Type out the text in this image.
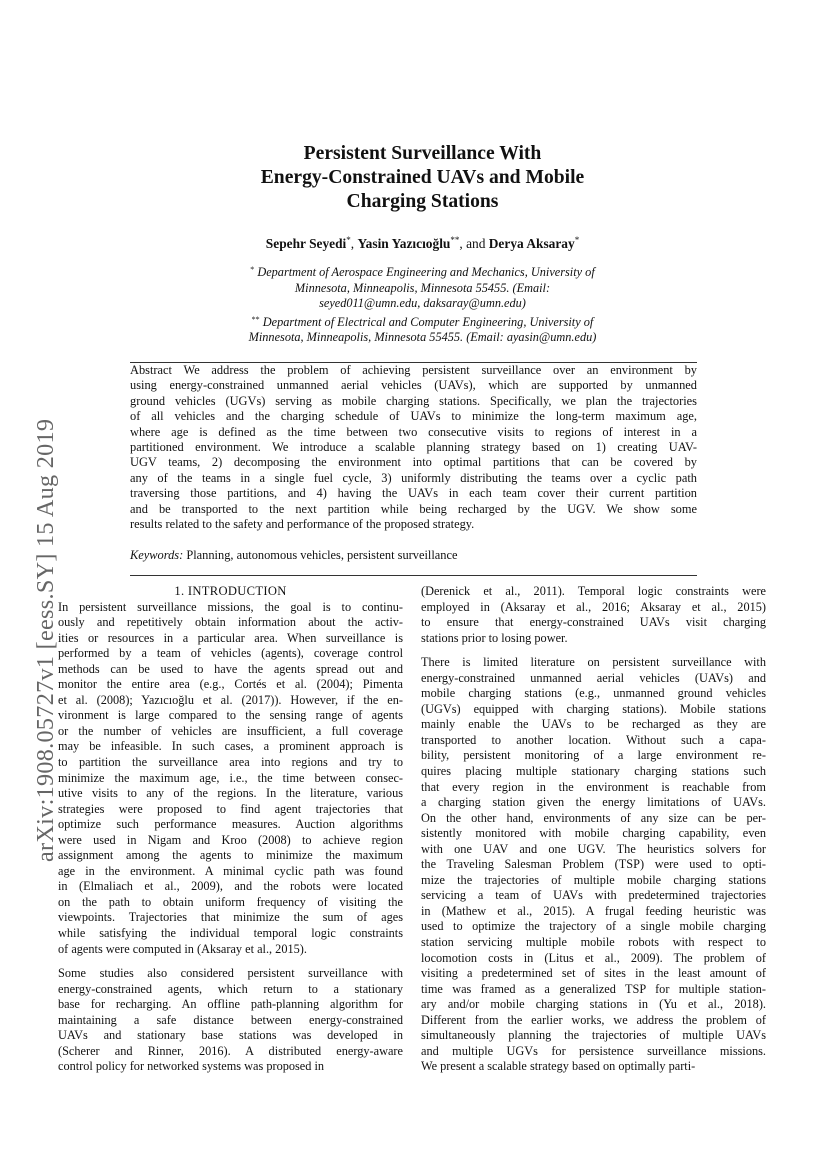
arXiv:1908.05727v1 [eess.SY] 15 Aug 2019
Persistent Surveillance With
Energy-Constrained UAVs and Mobile
Charging Stations
Sepehr Seyedi*, Yasin Yazıcıoğlu**, and Derya Aksaray*
* Department of Aerospace Engineering and Mechanics, University of
Minnesota, Minneapolis, Minnesota 55455. (Email:
seyed011@umn.edu, daksaray@umn.edu)
** Department of Electrical and Computer Engineering, University of
Minnesota, Minneapolis, Minnesota 55455. (Email: ayasin@umn.edu)
Abstract We address the problem of achieving persistent surveillance over an environment by
using energy-constrained unmanned aerial vehicles (UAVs), which are supported by unmanned
ground vehicles (UGVs) serving as mobile charging stations. Specifically, we plan the trajectories
of all vehicles and the charging schedule of UAVs to minimize the long-term maximum age,
where age is defined as the time between two consecutive visits to regions of interest in a
partitioned environment. We introduce a scalable planning strategy based on 1) creating UAV-
UGV teams, 2) decomposing the environment into optimal partitions that can be covered by
any of the teams in a single fuel cycle, 3) uniformly distributing the teams over a cyclic path
traversing those partitions, and 4) having the UAVs in each team cover their current partition
and be transported to the next partition while being recharged by the UGV. We show some
results related to the safety and performance of the proposed strategy.
Keywords: Planning, autonomous vehicles, persistent surveillance
1. INTRODUCTION
In persistent surveillance missions, the goal is to continu-
ously and repetitively obtain information about the activ-
ities or resources in a particular area. When surveillance is
performed by a team of vehicles (agents), coverage control
methods can be used to have the agents spread out and
monitor the entire area (e.g., Cortés et al. (2004); Pimenta
et al. (2008); Yazıcıoğlu et al. (2017)). However, if the en-
vironment is large compared to the sensing range of agents
or the number of vehicles are insufficient, a full coverage
may be infeasible. In such cases, a prominent approach is
to partition the surveillance area into regions and try to
minimize the maximum age, i.e., the time between consec-
utive visits to any of the regions. In the literature, various
strategies were proposed to find agent trajectories that
optimize such performance measures. Auction algorithms
were used in Nigam and Kroo (2008) to achieve region
assignment among the agents to minimize the maximum
age in the environment. A minimal cyclic path was found
in (Elmaliach et al., 2009), and the robots were located
on the path to obtain uniform frequency of visiting the
viewpoints. Trajectories that minimize the sum of ages
while satisfying the individual temporal logic constraints
of agents were computed in (Aksaray et al., 2015).
Some studies also considered persistent surveillance with
energy-constrained agents, which return to a stationary
base for recharging. An offline path-planning algorithm for
maintaining a safe distance between energy-constrained
UAVs and stationary base stations was developed in
(Scherer and Rinner, 2016). A distributed energy-aware
control policy for networked systems was proposed in
(Derenick et al., 2011). Temporal logic constraints were
employed in (Aksaray et al., 2016; Aksaray et al., 2015)
to ensure that energy-constrained UAVs visit charging
stations prior to losing power.
There is limited literature on persistent surveillance with
energy-constrained unmanned aerial vehicles (UAVs) and
mobile charging stations (e.g., unmanned ground vehicles
(UGVs) equipped with charging stations). Mobile stations
mainly enable the UAVs to be recharged as they are
transported to another location. Without such a capa-
bility, persistent monitoring of a large environment re-
quires placing multiple stationary charging stations such
that every region in the environment is reachable from
a charging station given the energy limitations of UAVs.
On the other hand, environments of any size can be per-
sistently monitored with mobile charging capability, even
with one UAV and one UGV. The heuristics solvers for
the Traveling Salesman Problem (TSP) were used to opti-
mize the trajectories of multiple mobile charging stations
servicing a team of UAVs with predetermined trajectories
in (Mathew et al., 2015). A frugal feeding heuristic was
used to optimize the trajectory of a single mobile charging
station servicing multiple mobile robots with respect to
locomotion costs in (Litus et al., 2009). The problem of
visiting a predetermined set of sites in the least amount of
time was framed as a generalized TSP for multiple station-
ary and/or mobile charging stations in (Yu et al., 2018).
Different from the earlier works, we address the problem of
simultaneously planning the trajectories of multiple UAVs
and multiple UGVs for persistence surveillance missions.
We present a scalable strategy based on optimally parti-
